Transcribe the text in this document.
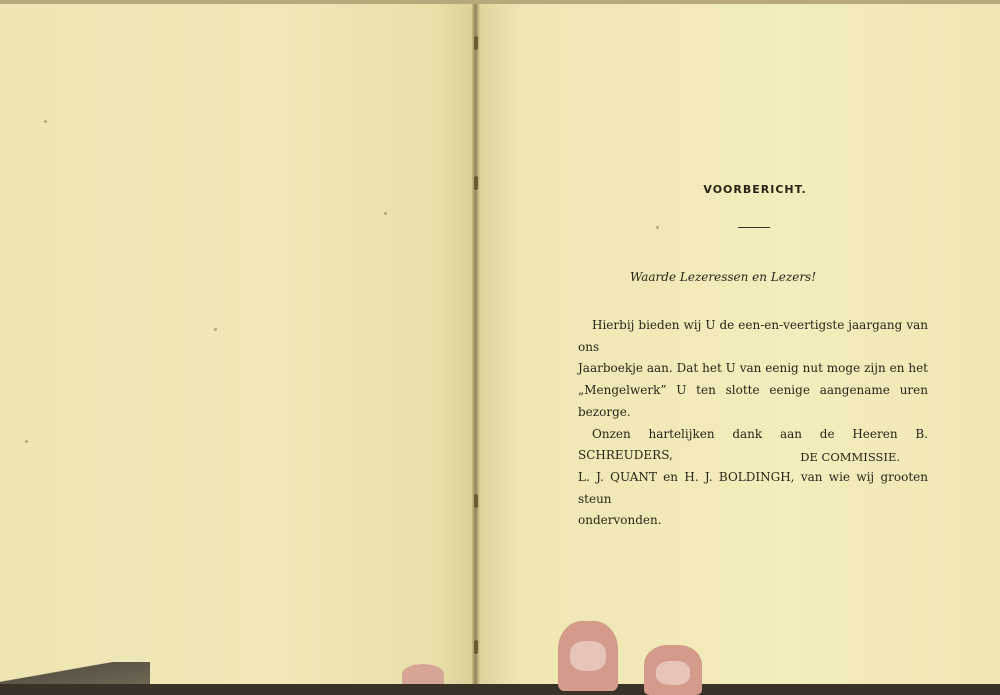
VOORBERICHT.
Waarde Lezeressen en Lezers!
Hierbij bieden wij U de een-en-veertigste jaargang van ons
Jaarboekje aan. Dat het U van eenig nut moge zijn en het
„Mengelwerk” U ten slotte eenige aangename uren bezorge.
Onzen hartelijken dank aan de Heeren B. SCHREUDERS,
L. J. QUANT en H. J. BOLDINGH, van wie wij grooten steun
ondervonden.
DE COMMISSIE.
